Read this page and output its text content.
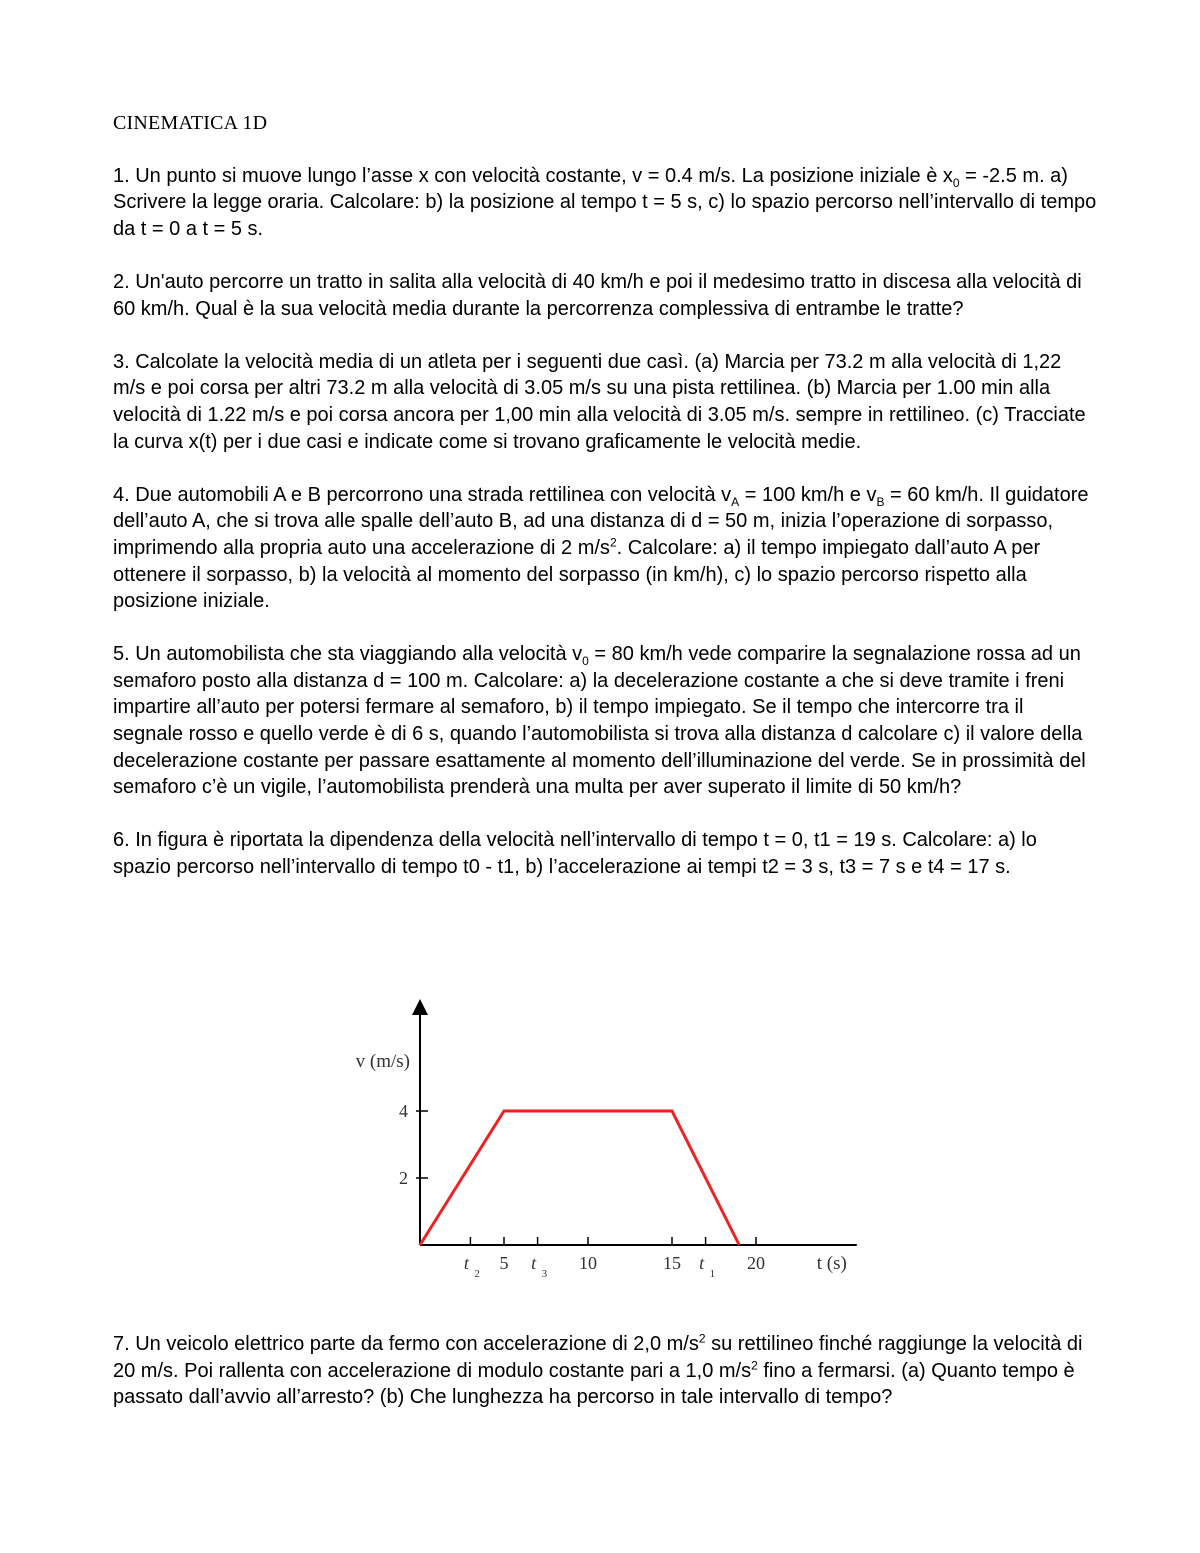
CINEMATICA 1D
1. Un punto si muove lungo l’asse x con velocità costante, v = 0.4 m/s. La posizione iniziale è $x_0 = -2.5$ m. a) Scrivere la legge oraria. Calcolare: b) la posizione al tempo t = 5 s, c) lo spazio percorso nell’intervallo di tempo da t = 0 a t = 5 s.
2. Un'auto percorre un tratto in salita alla velocità di 40 km/h e poi il medesimo tratto in discesa alla velocità di 60 km/h. Qual è la sua velocità media durante la percorrenza complessiva di entrambe le tratte?
3. Calcolate la velocità media di un atleta per i seguenti due casì. (a) Marcia per 73.2 m alla velocità di 1,22 m/s e poi corsa per altri 73.2 m alla velocità di 3.05 m/s su una pista rettilinea. (b) Marcia per 1.00 min alla velocità di 1.22 m/s e poi corsa ancora per 1,00 min alla velocità di 3.05 m/s. sempre in rettilineo. (c) Tracciate la curva x(t) per i due casi e indicate come si trovano graficamente le velocità medie.
4. Due automobili A e B percorrono una strada rettilinea con velocità $v_A = 100$ km/h e $v_B = 60$ km/h. Il guidatore dell’auto A, che si trova alle spalle dell’auto B, ad una distanza di d = 50 m, inizia l’operazione di sorpasso, imprimendo alla propria auto una accelerazione di 2 $m/s^2$. Calcolare: a) il tempo impiegato dall’auto A per ottenere il sorpasso, b) la velocità al momento del sorpasso (in km/h), c) lo spazio percorso rispetto alla posizione iniziale.
5. Un automobilista che sta viaggiando alla velocità $v_0 = 80$ km/h vede comparire la segnalazione rossa ad un semaforo posto alla distanza d = 100 m. Calcolare: a) la decelerazione costante a che si deve tramite i freni impartire all’auto per potersi fermare al semaforo, b) il tempo impiegato. Se il tempo che intercorre tra il segnale rosso e quello verde è di 6 s, quando l’automobilista si trova alla distanza d calcolare c) il valore della decelerazione costante per passare esattamente al momento dell’illuminazione del verde. Se in prossimità del semaforo c’è un vigile, l’automobilista prenderà una multa per aver superato il limite di 50 km/h?
6. In figura è riportata la dipendenza della velocità nell’intervallo di tempo t = 0, t1 = 19 s. Calcolare: a) lo spazio percorso nell’intervallo di tempo t0 - t1, b) l’accelerazione ai tempi t2 = 3 s, t3 = 7 s e t4 = 17 s.
5	10	15	20
2
4
t
2
t
3
t
1
v (m/s)
t (s)
7. Un veicolo elettrico parte da fermo con accelerazione di 2,0 $m/s^2$ su rettilineo finché raggiunge la velocità di 20 m/s. Poi rallenta con accelerazione di modulo costante pari a 1,0 $m/s^2$ fino a fermarsi. (a) Quanto tempo è passato dall’avvio all’arresto? (b) Che lunghezza ha percorso in tale intervallo di tempo?
